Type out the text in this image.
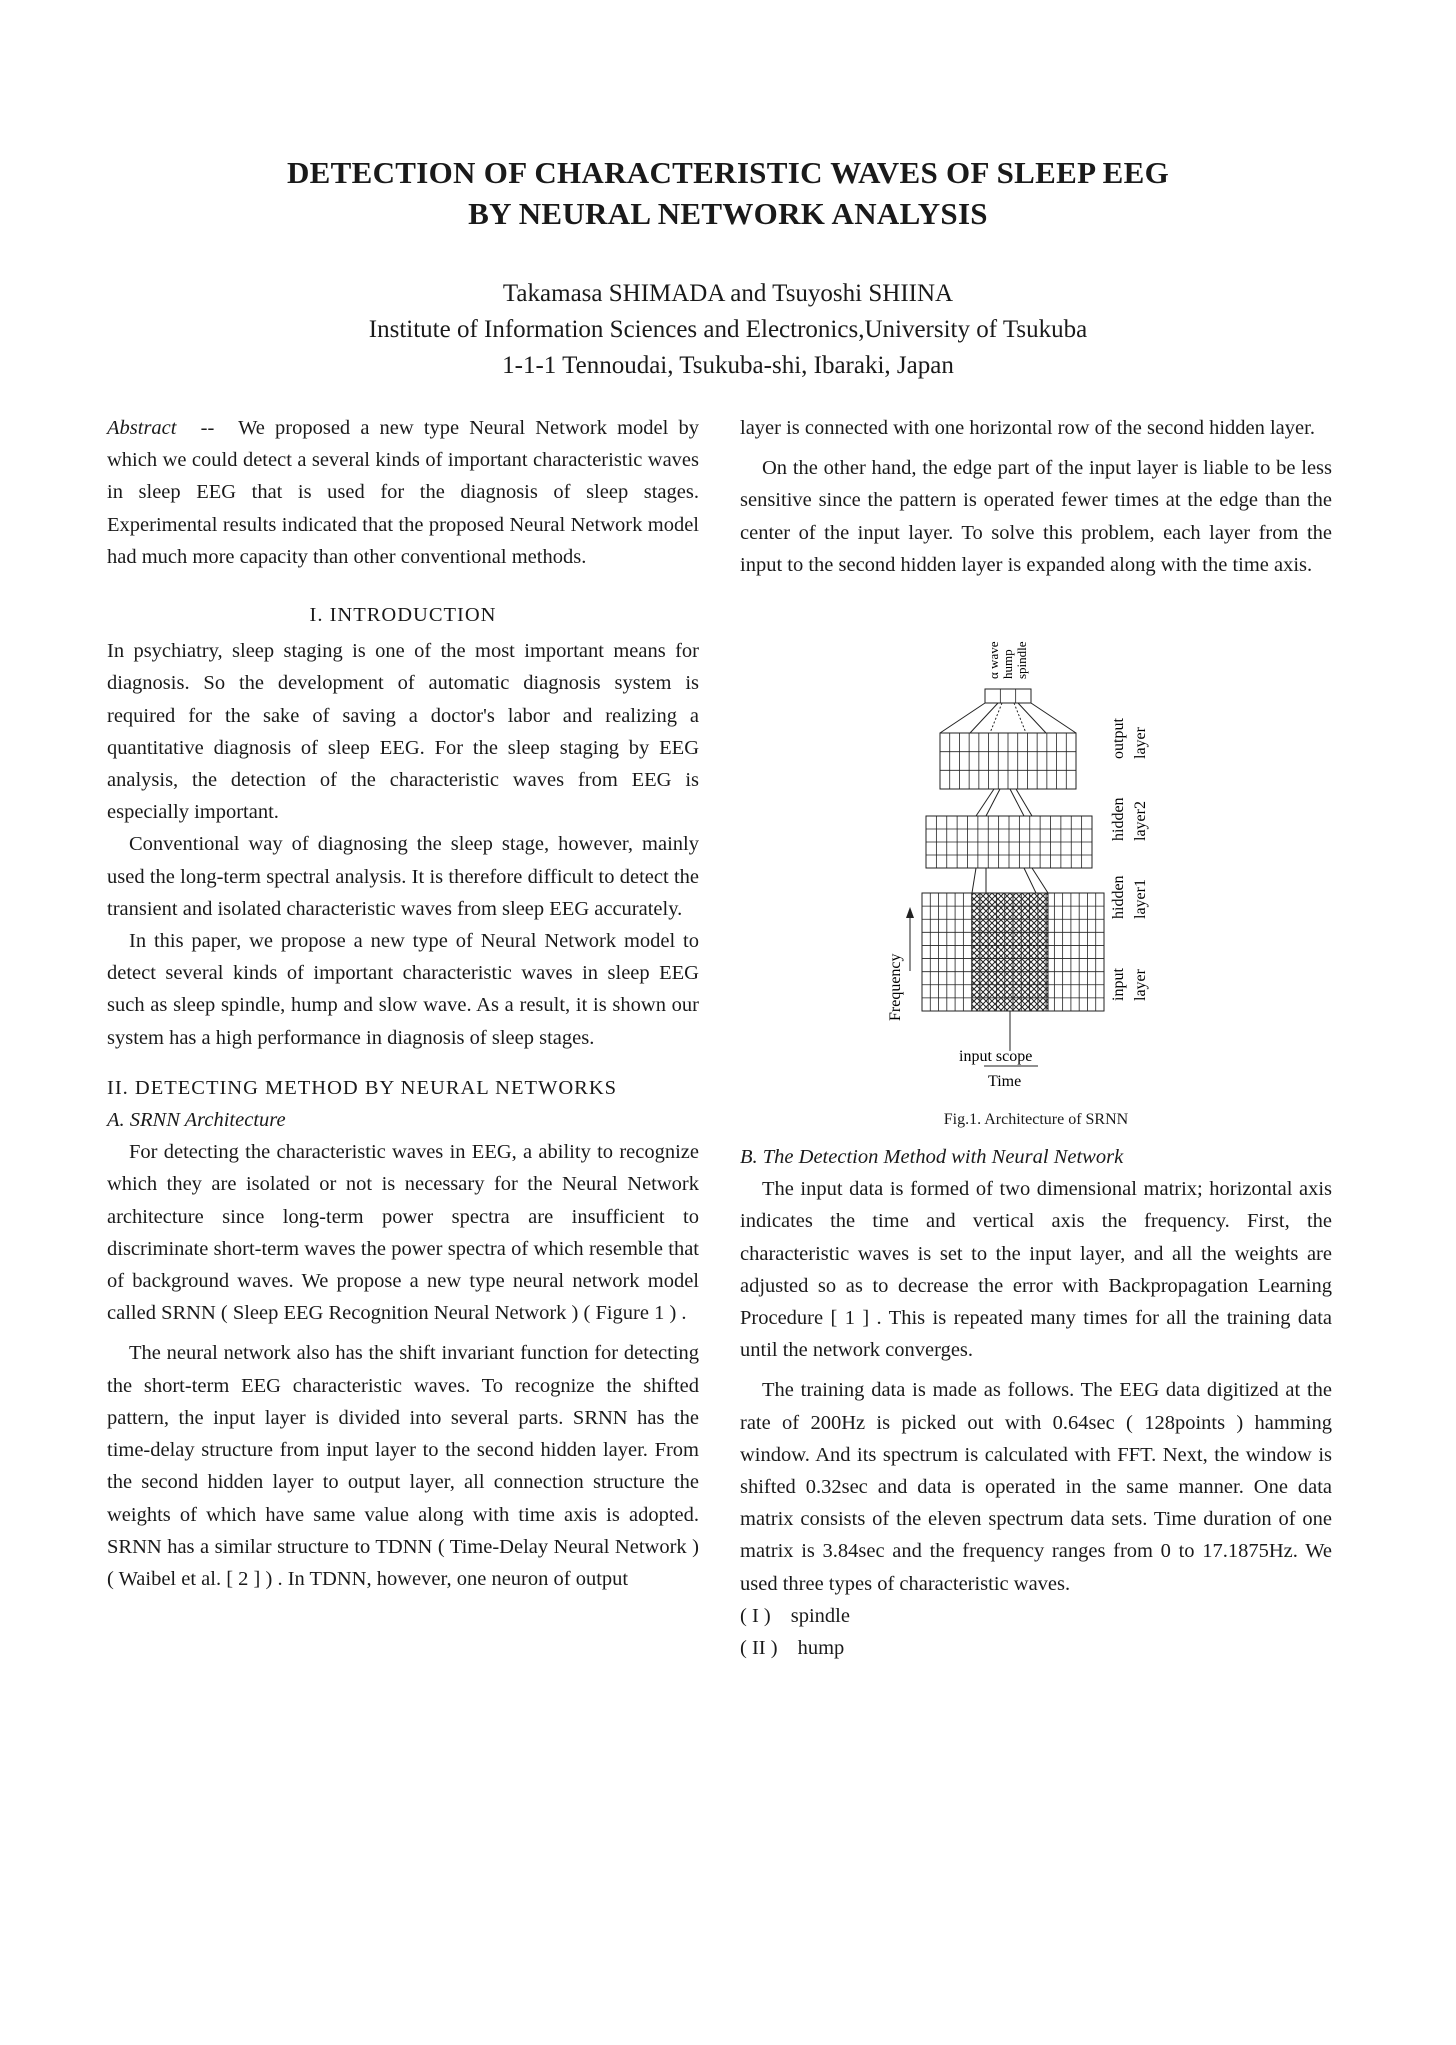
DETECTION OF CHARACTERISTIC WAVES OF SLEEP EEG
BY NEURAL NETWORK ANALYSIS
Takamasa SHIMADA and Tsuyoshi SHIINA
Institute of Information Sciences and Electronics,University of Tsukuba
1-1-1 Tennoudai, Tsukuba-shi, Ibaraki, Japan

Abstract -- We proposed a new type Neural Network model by which we could detect a several kinds of important characteristic waves in sleep EEG that is used for the diagnosis of sleep stages. Experimental results indicated that the proposed Neural Network model had much more capacity than other conventional methods.

I. INTRODUCTION

In psychiatry, sleep staging is one of the most important means for diagnosis. So the development of automatic diagnosis system is required for the sake of saving a doctor's labor and realizing a quantitative diagnosis of sleep EEG. For the sleep staging by EEG analysis, the detection of the characteristic waves from EEG is especially important.

Conventional way of diagnosing the sleep stage, however, mainly used the long-term spectral analysis. It is therefore difficult to detect the transient and isolated characteristic waves from sleep EEG accurately.

In this paper, we propose a new type of Neural Network model to detect several kinds of important characteristic waves in sleep EEG such as sleep spindle, hump and slow wave. As a result, it is shown our system has a high performance in diagnosis of sleep stages.

II. DETECTING METHOD BY NEURAL NETWORKS
A. SRNN Architecture

For detecting the characteristic waves in EEG, a ability to recognize which they are isolated or not is necessary for the Neural Network architecture since long-term power spectra are insufficient to discriminate short-term waves the power spectra of which resemble that of background waves. We propose a new type neural network model called SRNN ( Sleep EEG Recognition Neural Network ) ( Figure 1 ) .

The neural network also has the shift invariant function for detecting the short-term EEG characteristic waves. To recognize the shifted pattern, the input layer is divided into several parts. SRNN has the time-delay structure from input layer to the second hidden layer. From the second hidden layer to output layer, all connection structure the weights of which have same value along with time axis is adopted. SRNN has a similar structure to TDNN ( Time-Delay Neural Network ) ( Waibel et al. [ 2 ] ) . In TDNN, however, one neuron of output

layer is connected with one horizontal row of the second hidden layer.

On the other hand, the edge part of the input layer is liable to be less sensitive since the pattern is operated fewer times at the edge than the center of the input layer. To solve this problem, each layer from the input to the second hidden layer is expanded along with the time axis.

α wave hump spindle
output layer
hidden layer2
hidden layer1
input layer
Frequency
input scope
Time
Fig.1. Architecture of SRNN
B. The Detection Method with Neural Network

The input data is formed of two dimensional matrix; horizontal axis indicates the time and vertical axis the frequency. First, the characteristic waves is set to the input layer, and all the weights are adjusted so as to decrease the error with Backpropagation Learning Procedure [ 1 ] . This is repeated many times for all the training data until the network converges.

The training data is made as follows. The EEG data digitized at the rate of 200Hz is picked out with 0.64sec ( 128points ) hamming window. And its spectrum is calculated with FFT. Next, the window is shifted 0.32sec and data is operated in the same manner. One data matrix consists of the eleven spectrum data sets. Time duration of one matrix is 3.84sec and the frequency ranges from 0 to 17.1875Hz. We used three types of characteristic waves.

( I ) spindle
( II ) hump
